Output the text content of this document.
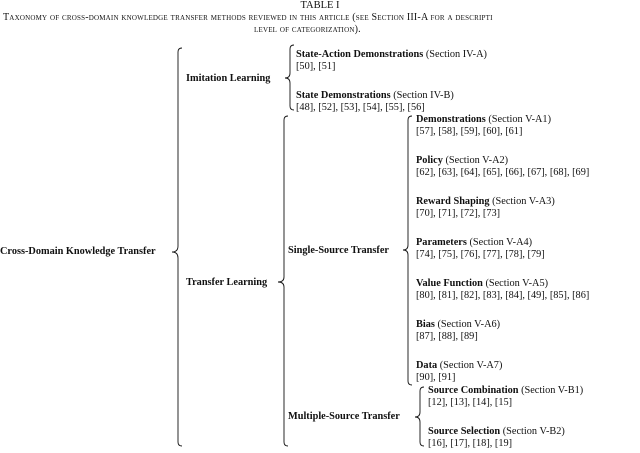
TABLE I
Taxonomy of cross-domain knowledge transfer methods reviewed in this article (see Section III-A for a descripti
level of categorization).
Cross-Domain Knowledge Transfer
Imitation Learning
State-Action Demonstrations (Section IV-A)
[50], [51]
State Demonstrations (Section IV-B)
[48], [52], [53], [54], [55], [56]
Transfer Learning
Single-Source Transfer
Demonstrations (Section V-A1)
[57], [58], [59], [60], [61]
Policy (Section V-A2)
[62], [63], [64], [65], [66], [67], [68], [69]
Reward Shaping (Section V-A3)
[70], [71], [72], [73]
Parameters (Section V-A4)
[74], [75], [76], [77], [78], [79]
Value Function (Section V-A5)
[80], [81], [82], [83], [84], [49], [85], [86]
Bias (Section V-A6)
[87], [88], [89]
Data (Section V-A7)
[90], [91]
Multiple-Source Transfer
Source Combination (Section V-B1)
[12], [13], [14], [15]
Source Selection (Section V-B2)
[16], [17], [18], [19]
